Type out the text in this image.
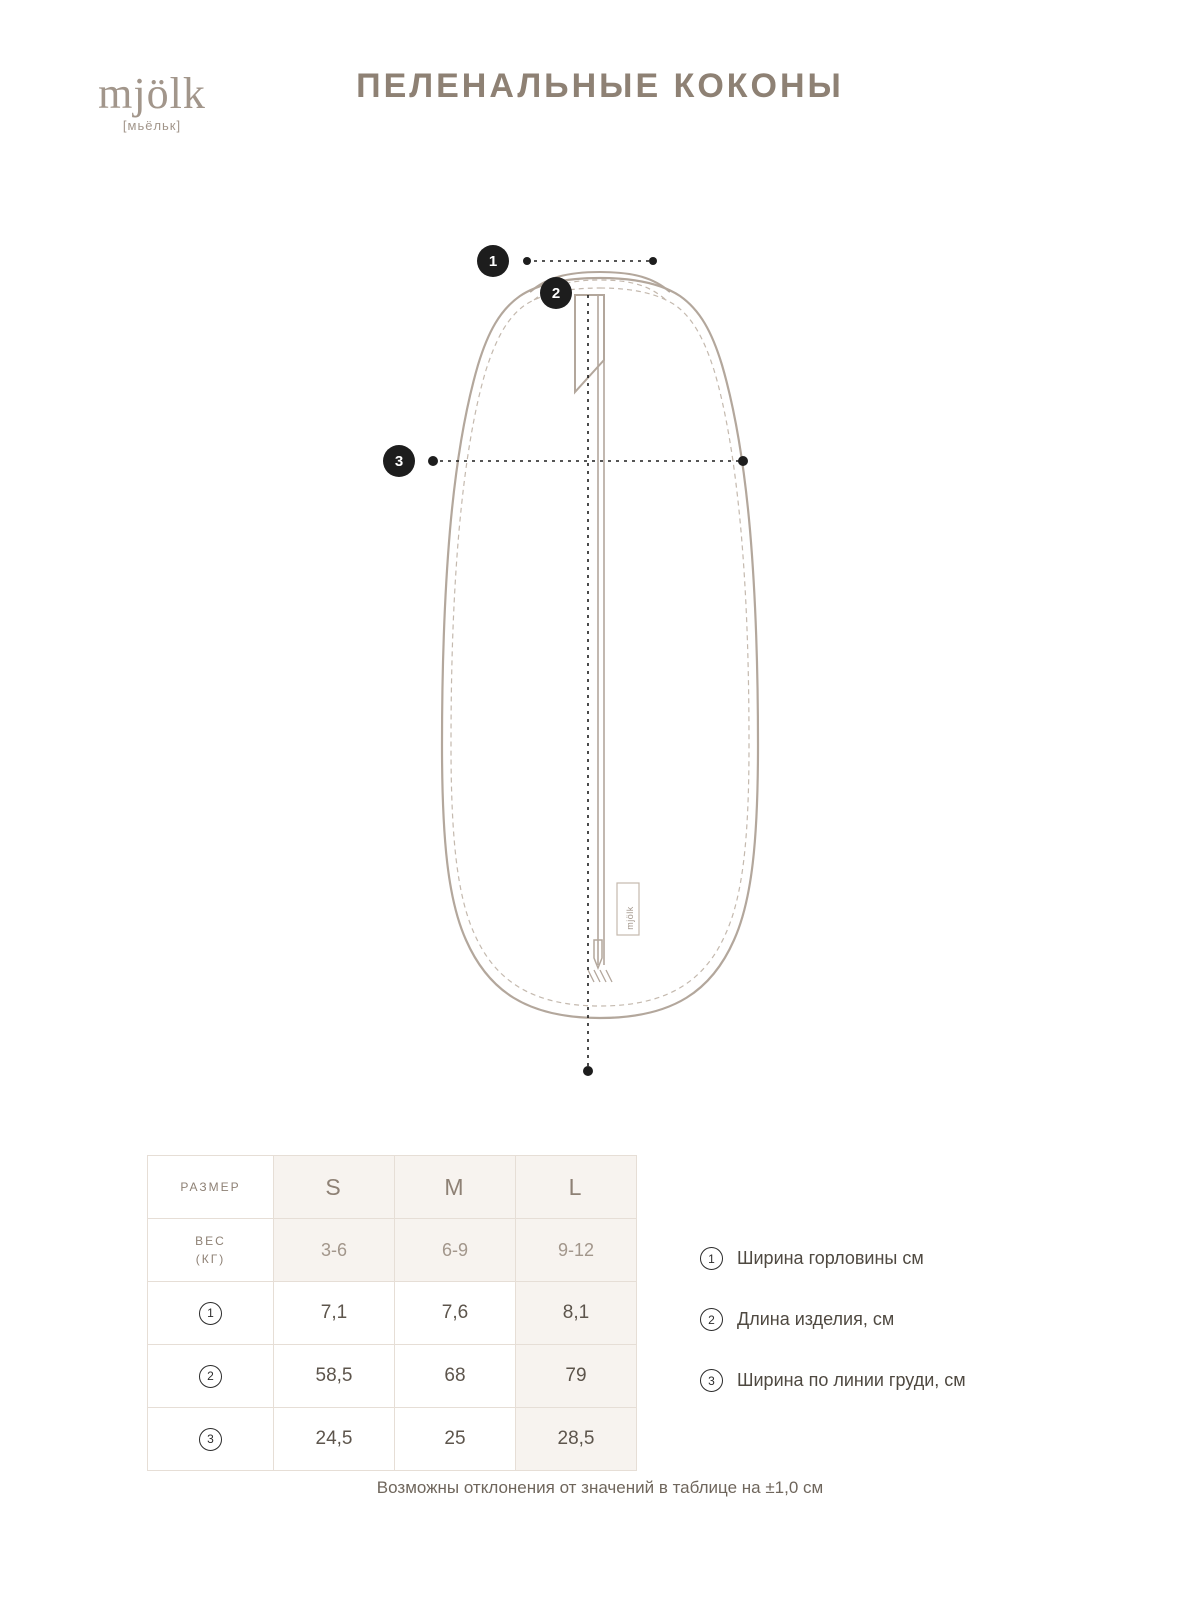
mjölk
[мьёльк]
ПЕЛЕНАЛЬНЫЕ КОКОНЫ
mjölk
1
2
3
РАЗМЕР	S	M	L

ВЕС
(КГ)	3-6	6-9	9-12
1	7,1	7,6	8,1
2	58,5	68	79
3	24,5	25	28,5
1	Ширина горловины см
2	Длина изделия, см
3	Ширина по линии груди, см
Возможны отклонения от значений в таблице на ±1,0 см
